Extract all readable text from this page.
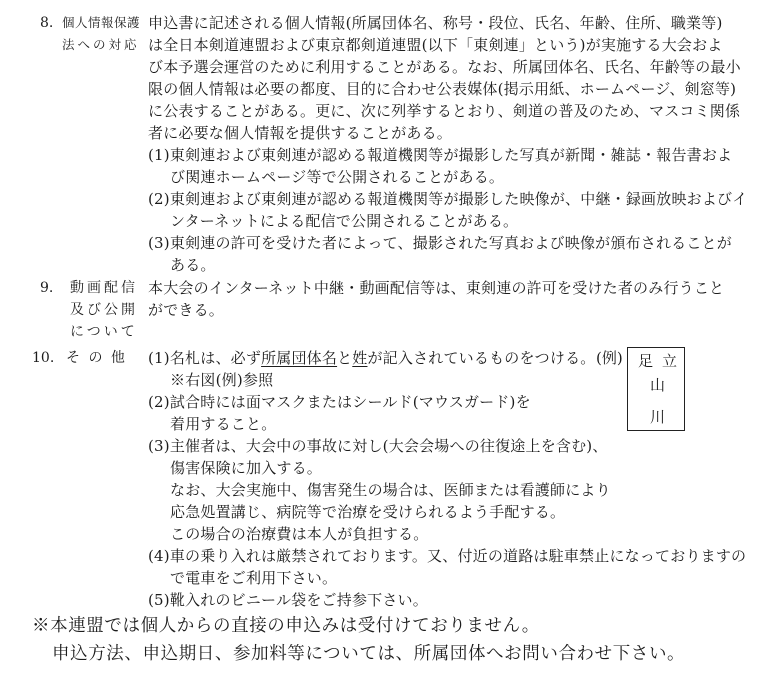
8. 個人情報保護
法への対応
申込書に記述される個人情報(所属団体名、称号・段位、氏名、年齢、住所、職業等)
は全日本剣道連盟および東京都剣道連盟(以下「東剣連」という)が実施する大会およ
び本予選会運営のために利用することがある。なお、所属団体名、氏名、年齢等の最小
限の個人情報は必要の都度、目的に合わせ公表媒体(掲示用紙、ホームページ、剣窓等)
に公表することがある。更に、次に列挙するとおり、剣道の普及のため、マスコミ関係
者に必要な個人情報を提供することがある。
(1)東剣連および東剣連が認める報道機関等が撮影した写真が新聞・雑誌・報告書およ
び関連ホームページ等で公開されることがある。
(2)東剣連および東剣連が認める報道機関等が撮影した映像が、中継・録画放映およびイ
ンターネットによる配信で公開されることがある。
(3)東剣連の許可を受けた者によって、撮影された写真および映像が頒布されることが
ある。
9. 動画配信
及び公開
について
本大会のインターネット中継・動画配信等は、東剣連の許可を受けた者のみ行うこと
ができる。
10. そ の 他 (1)名札は、必ず所属団体名と姓が記入されているものをつける。
※右図(例)参照
(2)試合時には面マスクまたはシールド(マウスガード)を
着用すること。
(3)主催者は、大会中の事故に対し(大会会場への往復途上を含む)、
傷害保険に加入する。
なお、大会実施中、傷害発生の場合は、医師または看護師により
応急処置講じ、病院等で治療を受けられるよう手配する。
この場合の治療費は本人が負担する。
(4)車の乗り入れは厳禁されております。又、付近の道路は駐車禁止になっておりますの
で電車をご利用下さい。
(5)靴入れのビニール袋をご持参下さい。
(例) 足 立
山
川
※本連盟では個人からの直接の申込みは受付けておりません。
申込方法、申込期日、参加料等については、所属団体へお問い合わせ下さい。
